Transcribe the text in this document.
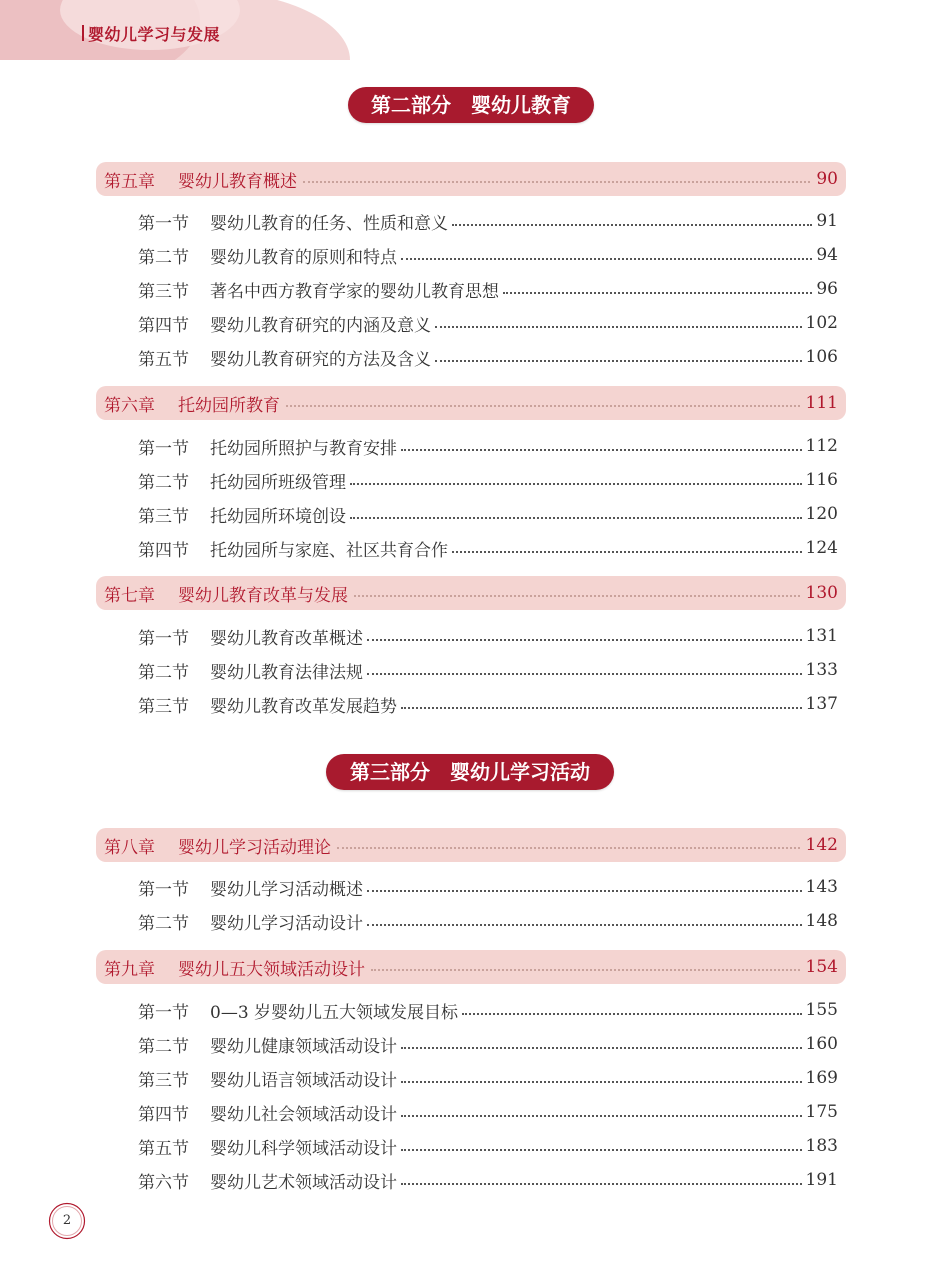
婴幼儿学习与发展
第二部分　婴幼儿教育
第五章	婴幼儿教育概述	90
第一节	婴幼儿教育的任务、性质和意义	91
第二节	婴幼儿教育的原则和特点	94
第三节	著名中西方教育学家的婴幼儿教育思想	96
第四节	婴幼儿教育研究的内涵及意义	102
第五节	婴幼儿教育研究的方法及含义	106
第六章	托幼园所教育	111
第一节	托幼园所照护与教育安排	112
第二节	托幼园所班级管理	116
第三节	托幼园所环境创设	120
第四节	托幼园所与家庭、社区共育合作	124
第七章	婴幼儿教育改革与发展	130
第一节	婴幼儿教育改革概述	131
第二节	婴幼儿教育法律法规	133
第三节	婴幼儿教育改革发展趋势	137
第三部分　婴幼儿学习活动
第八章	婴幼儿学习活动理论	142
第一节	婴幼儿学习活动概述	143
第二节	婴幼儿学习活动设计	148
第九章	婴幼儿五大领域活动设计	154
第一节	0—3 岁婴幼儿五大领域发展目标	155
第二节	婴幼儿健康领域活动设计	160
第三节	婴幼儿语言领域活动设计	169
第四节	婴幼儿社会领域活动设计	175
第五节	婴幼儿科学领域活动设计	183
第六节	婴幼儿艺术领域活动设计	191
2
